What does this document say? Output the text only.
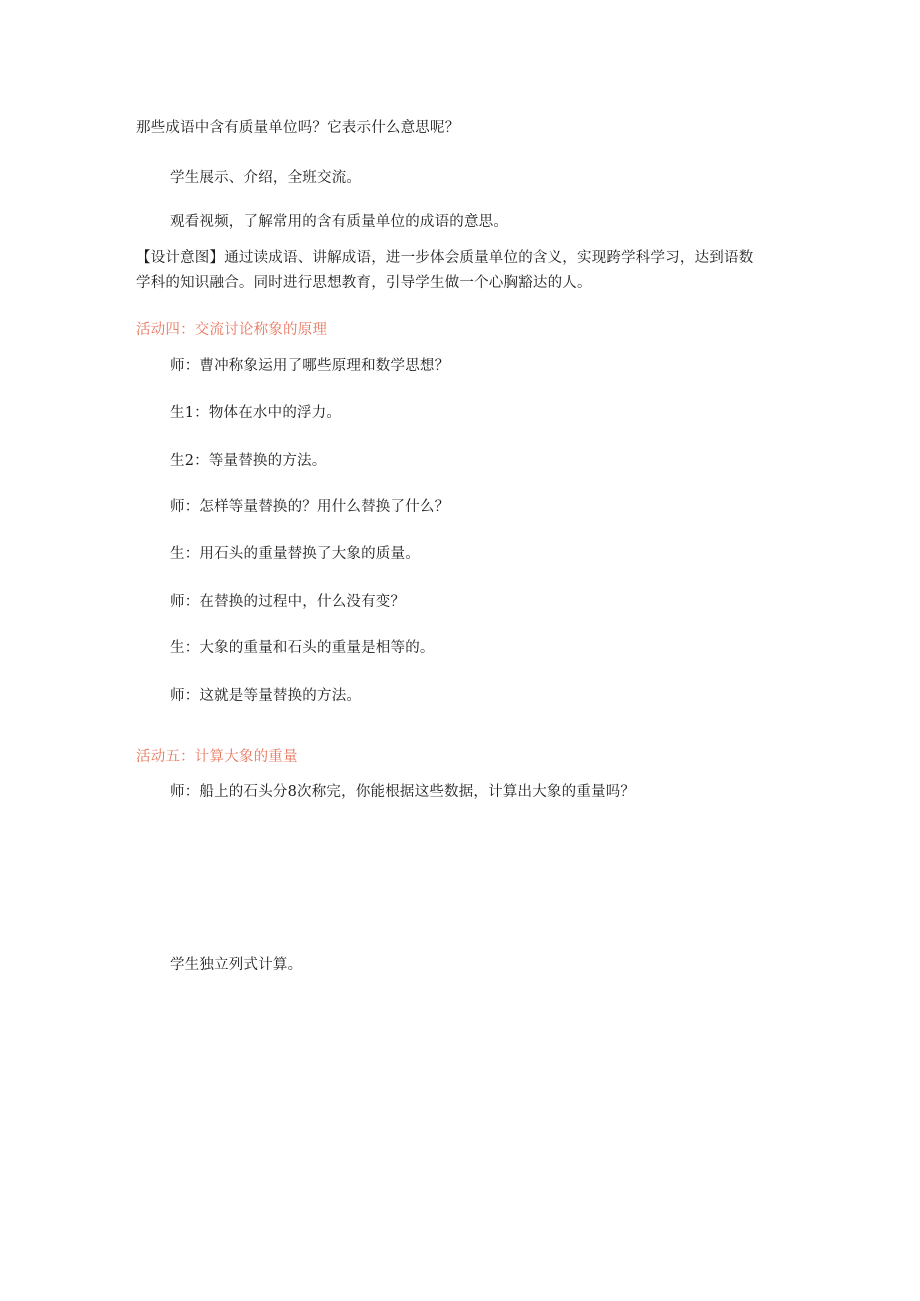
那些成语中含有质量单位吗？它表示什么意思呢？
学生展示、介绍，全班交流。
观看视频，了解常用的含有质量单位的成语的意思。
【设计意图】通过读成语、讲解成语，进一步体会质量单位的含义，实现跨学科学习，达到语数
学科的知识融合。同时进行思想教育，引导学生做一个心胸豁达的人。
活动四：交流讨论称象的原理
师：曹冲称象运用了哪些原理和数学思想？
生1：物体在水中的浮力。
生2：等量替换的方法。
师：怎样等量替换的？用什么替换了什么？
生：用石头的重量替换了大象的质量。
师：在替换的过程中，什么没有变？
生：大象的重量和石头的重量是相等的。
师：这就是等量替换的方法。
活动五：计算大象的重量
师：船上的石头分8次称完，你能根据这些数据，计算出大象的重量吗？
学生独立列式计算。
